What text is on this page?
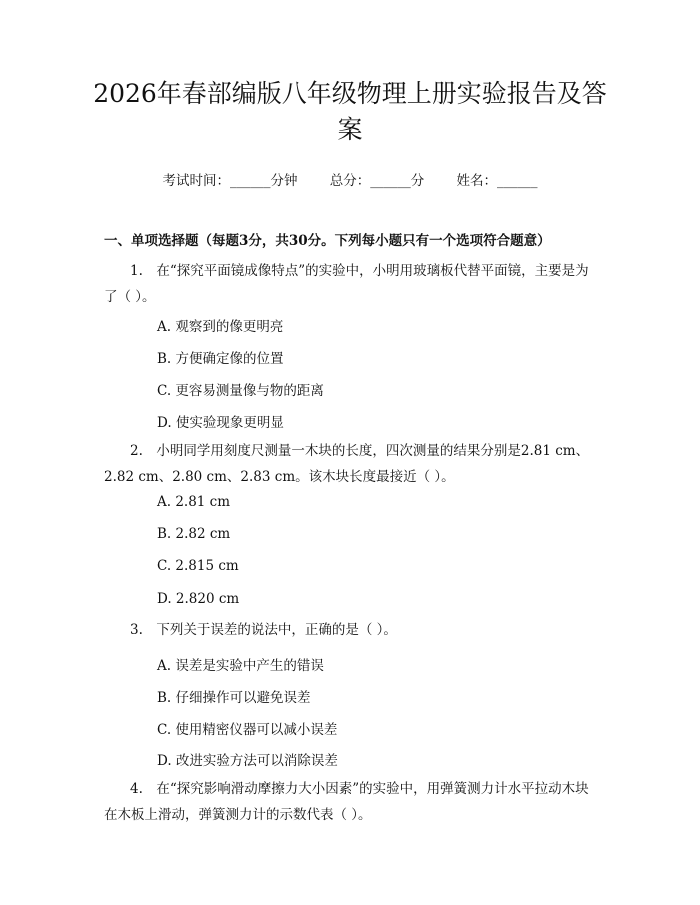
2026年春部编版八年级物理上册实验报告及答案
考试时间：______分钟 总分：______分 姓名：______
一、单项选择题（每题3分，共30分。下列每小题只有一个选项符合题意）
1.　在“探究平面镜成像特点”的实验中，小明用玻璃板代替平面镜，主要是为了（ ）。
A. 观察到的像更明亮
B. 方便确定像的位置
C. 更容易测量像与物的距离
D. 使实验现象更明显
2.　小明同学用刻度尺测量一木块的长度，四次测量的结果分别是2.81 cm、2.82 cm、2.80 cm、2.83 cm。该木块长度最接近（ ）。
A. 2.81 cm
B. 2.82 cm
C. 2.815 cm
D. 2.820 cm
3.　下列关于误差的说法中，正确的是（ ）。
A. 误差是实验中产生的错误
B. 仔细操作可以避免误差
C. 使用精密仪器可以减小误差
D. 改进实验方法可以消除误差
4.　在“探究影响滑动摩擦力大小因素”的实验中，用弹簧测力计水平拉动木块在木板上滑动，弹簧测力计的示数代表（ ）。
